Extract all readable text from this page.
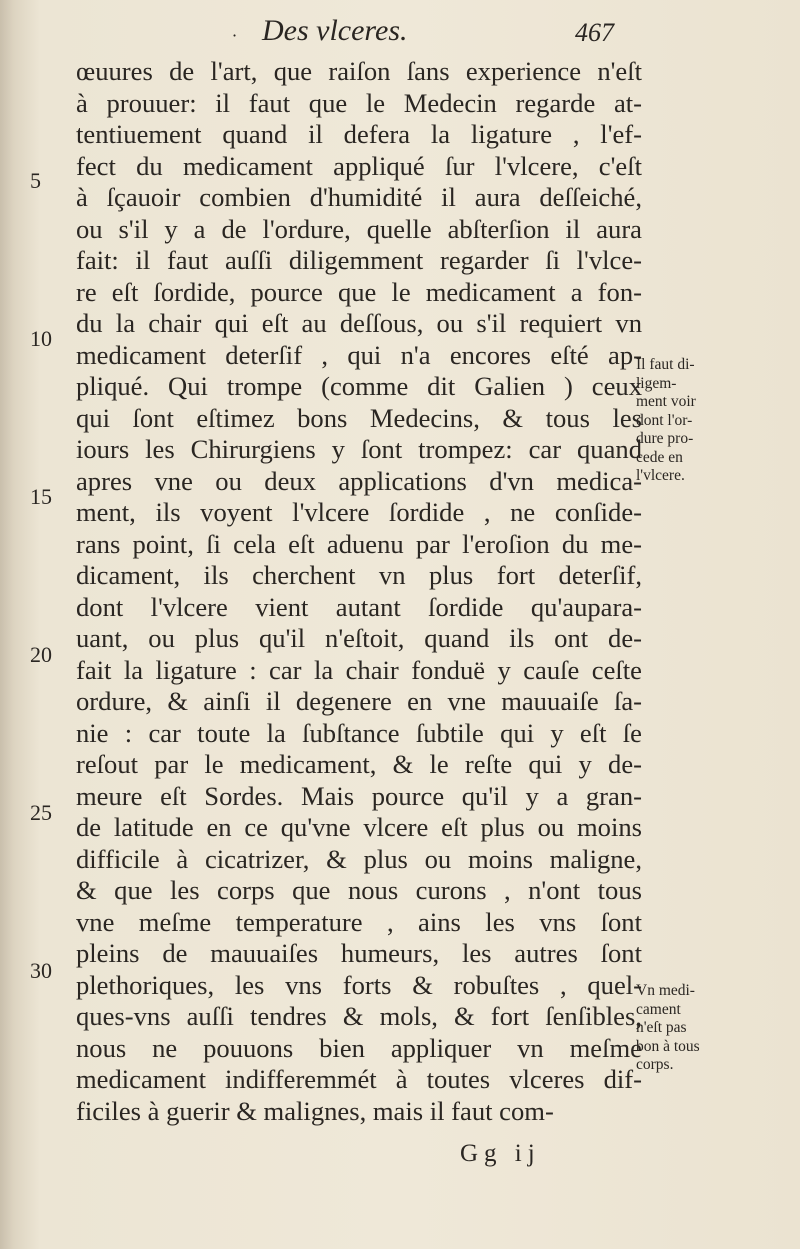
· Des vlceres.	467
œuures de l'art, que raiſon ſans experience n'eſt
à prouuer: il faut que le Medecin regarde at-
tentiuement quand il defera la ligature , l'ef-
fect du medicament appliqué ſur l'vlcere, c'eſt
à ſçauoir combien d'humidité il aura deſſeiché,
ou s'il y a de l'ordure, quelle abſterſion il aura
fait: il faut auſſi diligemment regarder ſi l'vlce-
re eſt ſordide, pource que le medicament a fon-
du la chair qui eſt au deſſous, ou s'il requiert vn
medicament deterſif , qui n'a encores eſté ap-
pliqué. Qui trompe (comme dit Galien ) ceux
qui ſont eſtimez bons Medecins, & tous les
iours les Chirurgiens y ſont trompez: car quand
apres vne ou deux applications d'vn medica-
ment, ils voyent l'vlcere ſordide , ne conſide-
rans point, ſi cela eſt aduenu par l'eroſion du me-
dicament, ils cherchent vn plus fort deterſif,
dont l'vlcere vient autant ſordide qu'aupara-
uant, ou plus qu'il n'eſtoit, quand ils ont de-
fait la ligature : car la chair fonduë y cauſe ceſte
ordure, & ainſi il degenere en vne mauuaiſe ſa-
nie : car toute la ſubſtance ſubtile qui y eſt ſe
reſout par le medicament, & le reſte qui y de-
meure eſt Sordes. Mais pource qu'il y a gran-
de latitude en ce qu'vne vlcere eſt plus ou moins
difficile à cicatrizer, & plus ou moins maligne,
& que les corps que nous curons , n'ont tous
vne meſme temperature , ains les vns ſont
pleins de mauuaiſes humeurs, les autres ſont
plethoriques, les vns forts & robuſtes , quel-
ques-vns auſſi tendres & mols, & fort ſenſibles,
nous ne pouuons bien appliquer vn meſme
medicament indifferemmét à toutes vlceres dif-
ficiles à guerir & malignes, mais il faut com-
5
10
15
20
25
30
Il faut di-
ligem-
ment voir
dont l'or-
dure pro-
cede en
l'vlcere.
Vn medi-
cament
n'eſt pas
bon à tous
corps.
Gg ij
